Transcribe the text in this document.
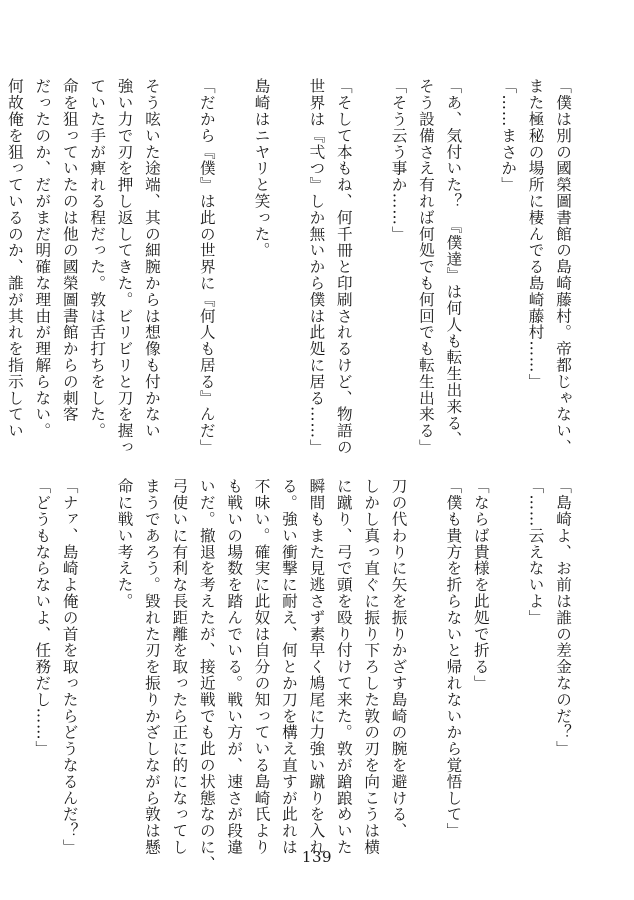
「僕は別の國榮圖書館の島崎藤村。帝都じゃない、
また極秘の場所に棲んでる島崎藤村……」
「……まさか」
「あ、気付いた？　『僕達』は何人も転生出来る、
そう設備さえ有れば何処でも何回でも転生出来る」
「そう云う事か……」
「そして本もね、何千冊と印刷されるけど、物語の
世界は『弌つ』しか無いから僕は此処に居る……」
島崎はニヤリと笑った。
「だから『僕』は此の世界に『何人も居る』んだ」
そう呟いた途端、其の細腕からは想像も付かない
強い力で刃を押し返してきた。ビリビリと刀を握っ
ていた手が痺れる程だった。敦は舌打ちをした。
命を狙っていたのは他の國榮圖書館からの刺客
だったのか、だがまだ明確な理由が理解らない。
何故俺を狙っているのか、誰が其れを指示してい
「島崎よ、お前は誰の差金なのだ？」
「……云えないよ」
「ならば貴様を此処で折る」
「僕も貴方を折らないと帰れないから覚悟して」
刀の代わりに矢を振りかざす島崎の腕を避ける、
しかし真っ直ぐに振り下ろした敦の刃を向こうは横
に蹴り、弓で頭を殴り付けて来た。敦が蹌踉めいた
瞬間もまた見逃さず素早く鳩尾に力強い蹴りを入れ
る。強い衝撃に耐え、何とか刀を構え直すが此れは
不味い。確実に此奴は自分の知っている島崎氏より
も戦いの場数を踏んでいる。戦い方が、速さが段違
いだ。撤退を考えたが、接近戦でも此の状態なのに、
弓使いに有利な長距離を取ったら正に的になってし
まうであろう。毀れた刃を振りかざしながら敦は懸
命に戦い考えた。
「ナァ、島崎よ俺の首を取ったらどうなるんだ？」
「どうもならないよ、任務だし……」
139
